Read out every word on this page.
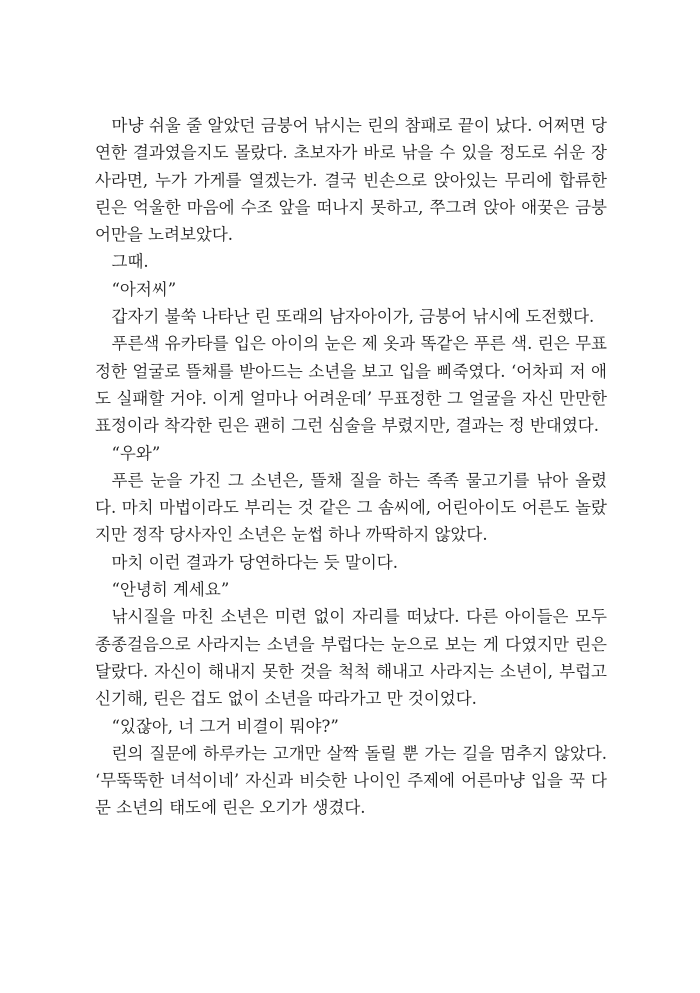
마냥 쉬울 줄 알았던 금붕어 낚시는 린의 참패로 끝이 났다. 어쩌면 당연한 결과였을지도 몰랐다. 초보자가 바로 낚을 수 있을 정도로 쉬운 장사라면, 누가 가게를 열겠는가. 결국 빈손으로 앉아있는 무리에 합류한 린은 억울한 마음에 수조 앞을 떠나지 못하고, 쭈그려 앉아 애꿎은 금붕어만을 노려보았다.

그때.

“아저씨”

갑자기 불쑥 나타난 린 또래의 남자아이가, 금붕어 낚시에 도전했다.

푸른색 유카타를 입은 아이의 눈은 제 옷과 똑같은 푸른 색. 린은 무표정한 얼굴로 뜰채를 받아드는 소년을 보고 입을 삐죽였다. ‘어차피 저 애도 실패할 거야. 이게 얼마나 어려운데’ 무표정한 그 얼굴을 자신 만만한 표정이라 착각한 린은 괜히 그런 심술을 부렸지만, 결과는 정 반대였다.

“우와”

푸른 눈을 가진 그 소년은, 뜰채 질을 하는 족족 물고기를 낚아 올렸다. 마치 마법이라도 부리는 것 같은 그 솜씨에, 어린아이도 어른도 놀랐지만 정작 당사자인 소년은 눈썹 하나 까딱하지 않았다.

마치 이런 결과가 당연하다는 듯 말이다.

“안녕히 계세요”

낚시질을 마친 소년은 미련 없이 자리를 떠났다. 다른 아이들은 모두 종종걸음으로 사라지는 소년을 부럽다는 눈으로 보는 게 다였지만 린은 달랐다. 자신이 해내지 못한 것을 척척 해내고 사라지는 소년이, 부럽고 신기해, 린은 겁도 없이 소년을 따라가고 만 것이었다.

“있잖아, 너 그거 비결이 뭐야?”

린의 질문에 하루카는 고개만 살짝 돌릴 뿐 가는 길을 멈추지 않았다. ‘무뚝뚝한 녀석이네’ 자신과 비슷한 나이인 주제에 어른마냥 입을 꾹 다문 소년의 태도에 린은 오기가 생겼다.
